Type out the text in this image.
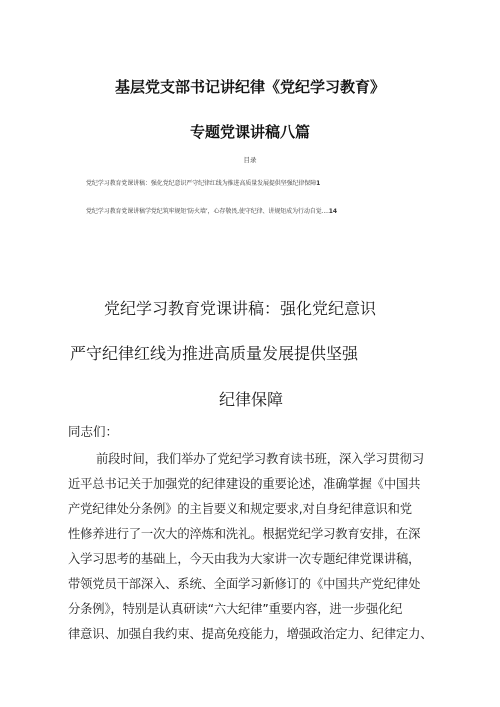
基层党支部书记讲纪律《党纪学习教育》
专题党课讲稿八篇
目录
党纪学习教育党课讲稿：强化党纪意识严守纪律红线为推进高质量发展提供坚强纪律保障1
党纪学习教育党课讲稿学党纪筑牢规矩‘防火墙’，心存敬畏,使守纪律、讲规矩成为行动自觉....14
党纪学习教育党课讲稿：强化党纪意识
严守纪律红线为推进高质量发展提供坚强
纪律保障
同志们：
前段时间，我们举办了党纪学习教育读书班，深入学习贯彻习
近平总书记关于加强党的纪律建设的重要论述，准确掌握《中国共
产党纪律处分条例》的主旨要义和规定要求,对自身纪律意识和党
性修养进行了一次大的淬炼和洗礼。根据党纪学习教育安排，在深
入学习思考的基础上，今天由我为大家讲一次专题纪律党课讲稿，
带领党员干部深入、系统、全面学习新修订的《中国共产党纪律处
分条例》，特别是认真研读“六大纪律”重要内容，进一步强化纪
律意识、加强自我约束、提高免疫能力，增强政治定力、纪律定力、
